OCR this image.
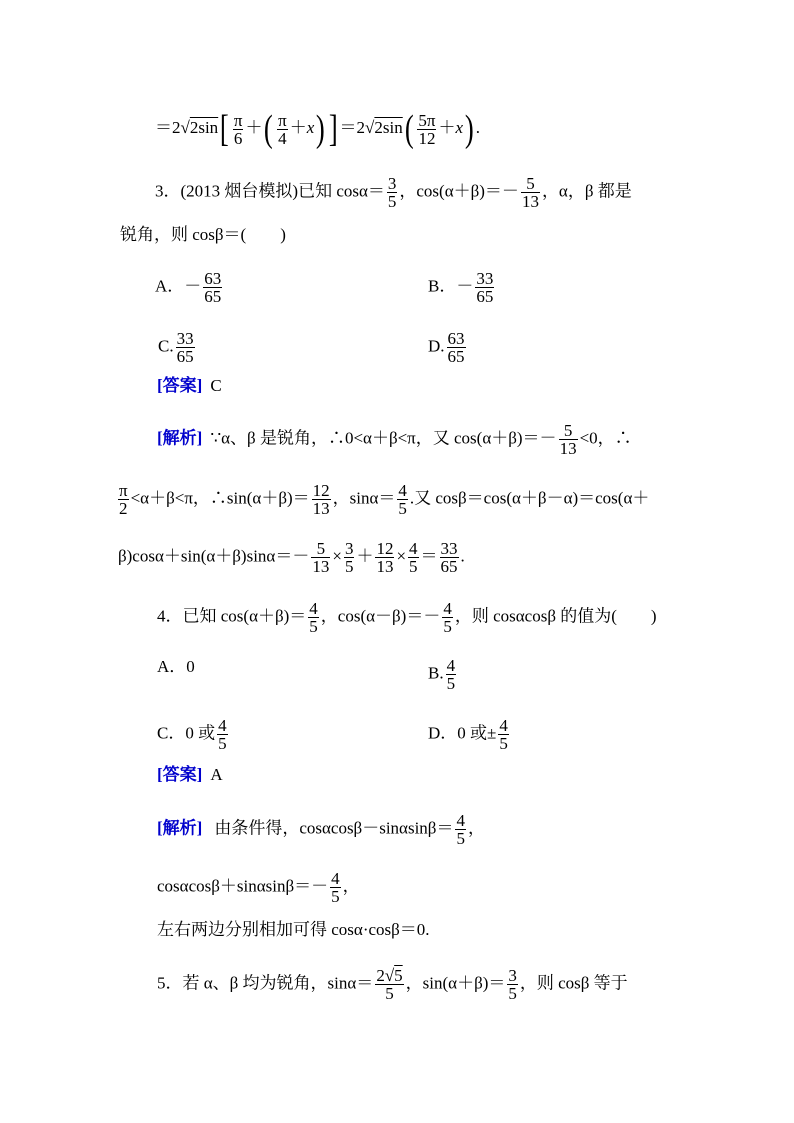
$=2√2\sin[ \frac{\pi}{6}$ ＋( $\frac{\pi}{4} +x)] =2√2\sin( \frac{5\pi}{12} +x)$ .
3．(2013 烟台模拟)已知 $\cos\alpha= \frac{3}{5}$ ，$\cos(\alpha+\beta)=- \frac{5}{13}$ ，α，β 都是
锐角，则 cosβ＝(　　)
A．－ $\frac{63}{65}$	B．－ $\frac{33}{65}$
C. $\frac{33}{65}$	D. $\frac{63}{65}$
[答案] C
[解析] ∵α、β 是锐角，∴0<α＋β<π，又 $\cos(\alpha+\beta)=- \frac{5}{13} <0$，∴
$\frac{\pi}{2} <\alpha+\beta<\pi$，∴sin(α＋β)＝ $\frac{12}{13}$ ，$\sin\alpha= \frac{4}{5}$ .又 cosβ＝cos(α＋β－α)＝cos(α＋
$\beta)\cos\alpha+\sin(\alpha+\beta)\sin\alpha=- \frac{5}{13} \times \frac{3}{5} + \frac{12}{13} \times \frac{4}{5} = \frac{33}{65}$ .
4．已知 $\cos(\alpha+\beta)= \frac{4}{5}$ ，$\cos(\alpha-\beta)=- \frac{4}{5}$ ，则 cosαcosβ 的值为(　　)
A．0	B. $\frac{4}{5}$
C．0 或 $\frac{4}{5}$	D．0 或± $\frac{4}{5}$
[答案] A
[解析] 由条件得，$\cos\alpha\cos\beta-\sin\alpha\sin\beta= \frac{4}{5}$ ，
$\cos\alpha\cos\beta+\sin\alpha\sin\beta=- \frac{4}{5}$ ，
左右两边分别相加可得 cosα·cosβ＝0.
5．若 α、β 均为锐角，$\sin\alpha= \frac{2√5}{5}$ ，$\sin(\alpha+\beta)= \frac{3}{5}$ ，则 cosβ 等于
